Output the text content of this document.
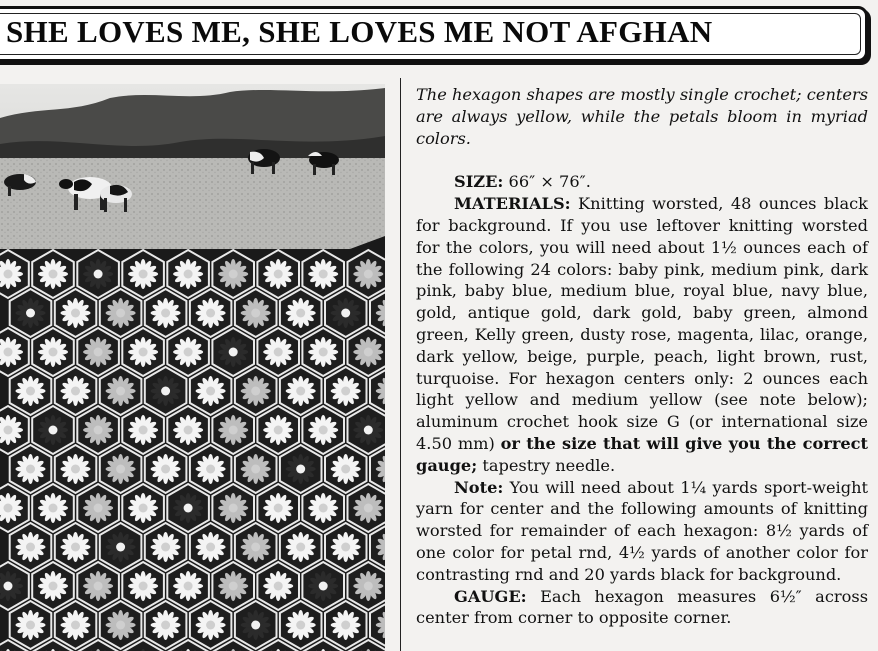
SHE LOVES ME, SHE LOVES ME NOT AFGHAN

The hexagon shapes are mostly single crochet; centers are always yellow, while the petals bloom in myriad colors.

SIZE: 66″ × 76″.

MATERIALS: Knitting worsted, 48 ounces black for background. If you use leftover knitting worsted for the colors, you will need about 1½ ounces each of the following 24 colors: baby pink, medium pink, dark pink, baby blue, medium blue, royal blue, navy blue, gold, antique gold, dark gold, baby green, almond green, Kelly green, dusty rose, magenta, lilac, orange, dark yellow, beige, purple, peach, light brown, rust, turquoise. For hexagon centers only: 2 ounces each light yellow and medium yellow (see note below); aluminum crochet hook size G (or international size 4.50 mm) or the size that will give you the correct gauge; tapestry needle.

Note: You will need about 1¼ yards sport-weight yarn for center and the following amounts of knitting worsted for remainder of each hexagon: 8½ yards of one color for petal rnd, 4½ yards of another color for contrasting rnd and 20 yards black for background.

GAUGE: Each hexagon measures 6½″ across center from corner to opposite corner.
